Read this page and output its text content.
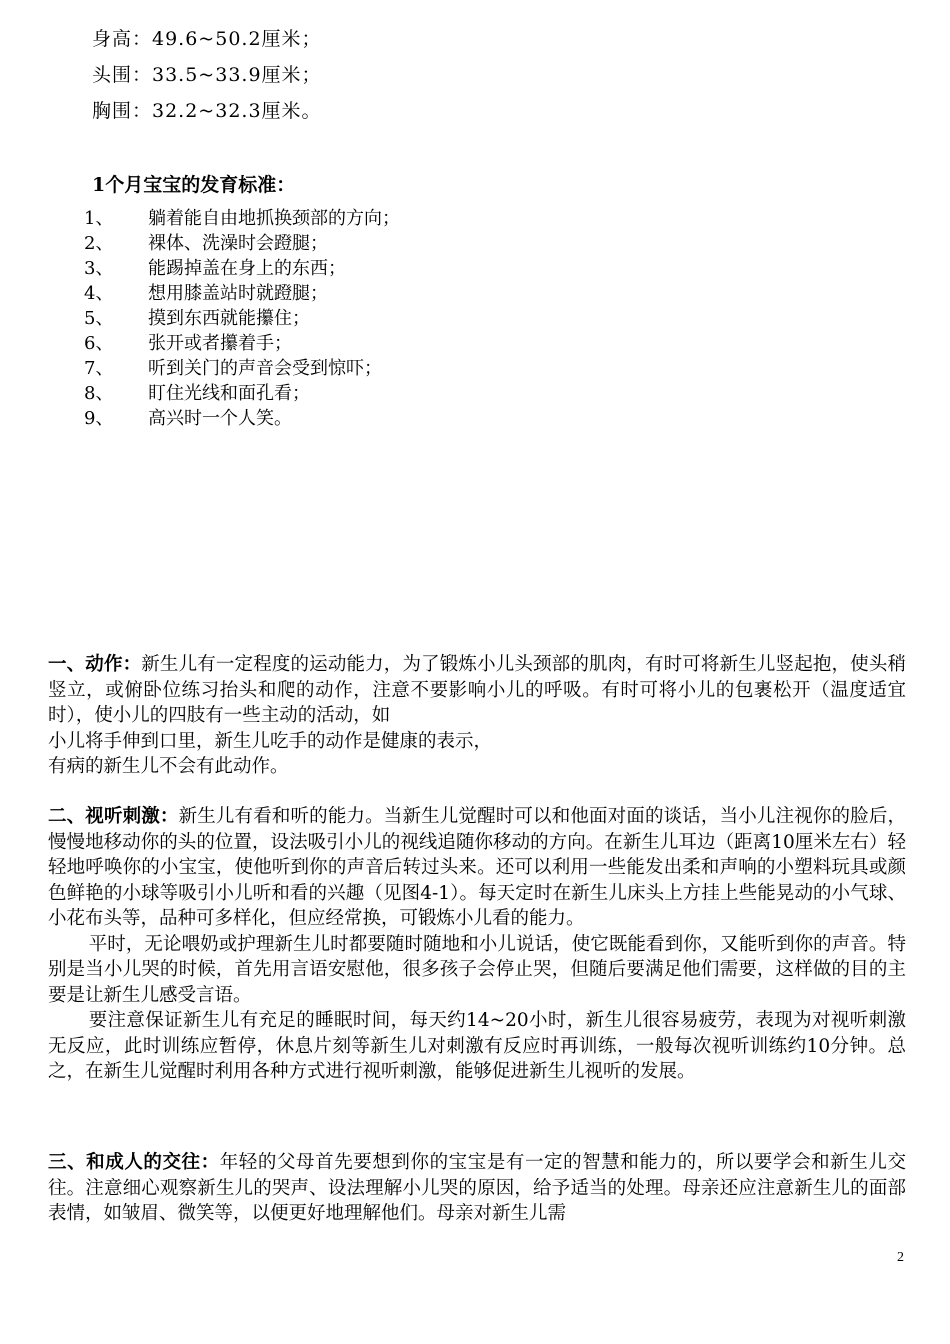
身高：49.6~50.2厘米；
头围：33.5~33.9厘米；
胸围：32.2~32.3厘米。
1个月宝宝的发育标准：
1、 躺着能自由地抓换颈部的方向；
2、 裸体、洗澡时会蹬腿；
3、 能踢掉盖在身上的东西；
4、 想用膝盖站时就蹬腿；
5、 摸到东西就能攥住；
6、 张开或者攥着手；
7、 听到关门的声音会受到惊吓；
8、 盯住光线和面孔看；
9、 高兴时一个人笑。

一、动作：新生儿有一定程度的运动能力，为了锻炼小儿头颈部的肌肉，有时可将新生儿竖起抱，使头稍竖立，或俯卧位练习抬头和爬的动作，注意不要影响小儿的呼吸。有时可将小儿的包裹松开（温度适宜时），使小儿的四肢有一些主动的活动，如

小儿将手伸到口里，新生儿吃手的动作是健康的表示，
有病的新生儿不会有此动作。

二、视听刺激：新生儿有看和听的能力。当新生儿觉醒时可以和他面对面的谈话，当小儿注视你的脸后，慢慢地移动你的头的位置，设法吸引小儿的视线追随你移动的方向。在新生儿耳边（距离10厘米左右）轻轻地呼唤你的小宝宝，使他听到你的声音后转过头来。还可以利用一些能发出柔和声响的小塑料玩具或颜色鲜艳的小球等吸引小儿听和看的兴趣（见图4-1）。每天定时在新生儿床头上方挂上些能晃动的小气球、小花布头等，品种可多样化，但应经常换，可锻炼小儿看的能力。

平时，无论喂奶或护理新生儿时都要随时随地和小儿说话，使它既能看到你，又能听到你的声音。特别是当小儿哭的时候，首先用言语安慰他，很多孩子会停止哭，但随后要满足他们需要，这样做的目的主要是让新生儿感受言语。

要注意保证新生儿有充足的睡眠时间，每天约14~20小时，新生儿很容易疲劳，表现为对视听刺激无反应，此时训练应暂停，休息片刻等新生儿对刺激有反应时再训练，一般每次视听训练约10分钟。总之，在新生儿觉醒时利用各种方式进行视听刺激，能够促进新生儿视听的发展。

三、和成人的交往：年轻的父母首先要想到你的宝宝是有一定的智慧和能力的，所以要学会和新生儿交往。注意细心观察新生儿的哭声、设法理解小儿哭的原因，给予适当的处理。母亲还应注意新生儿的面部表情，如皱眉、微笑等，以便更好地理解他们。母亲对新生儿需

2
